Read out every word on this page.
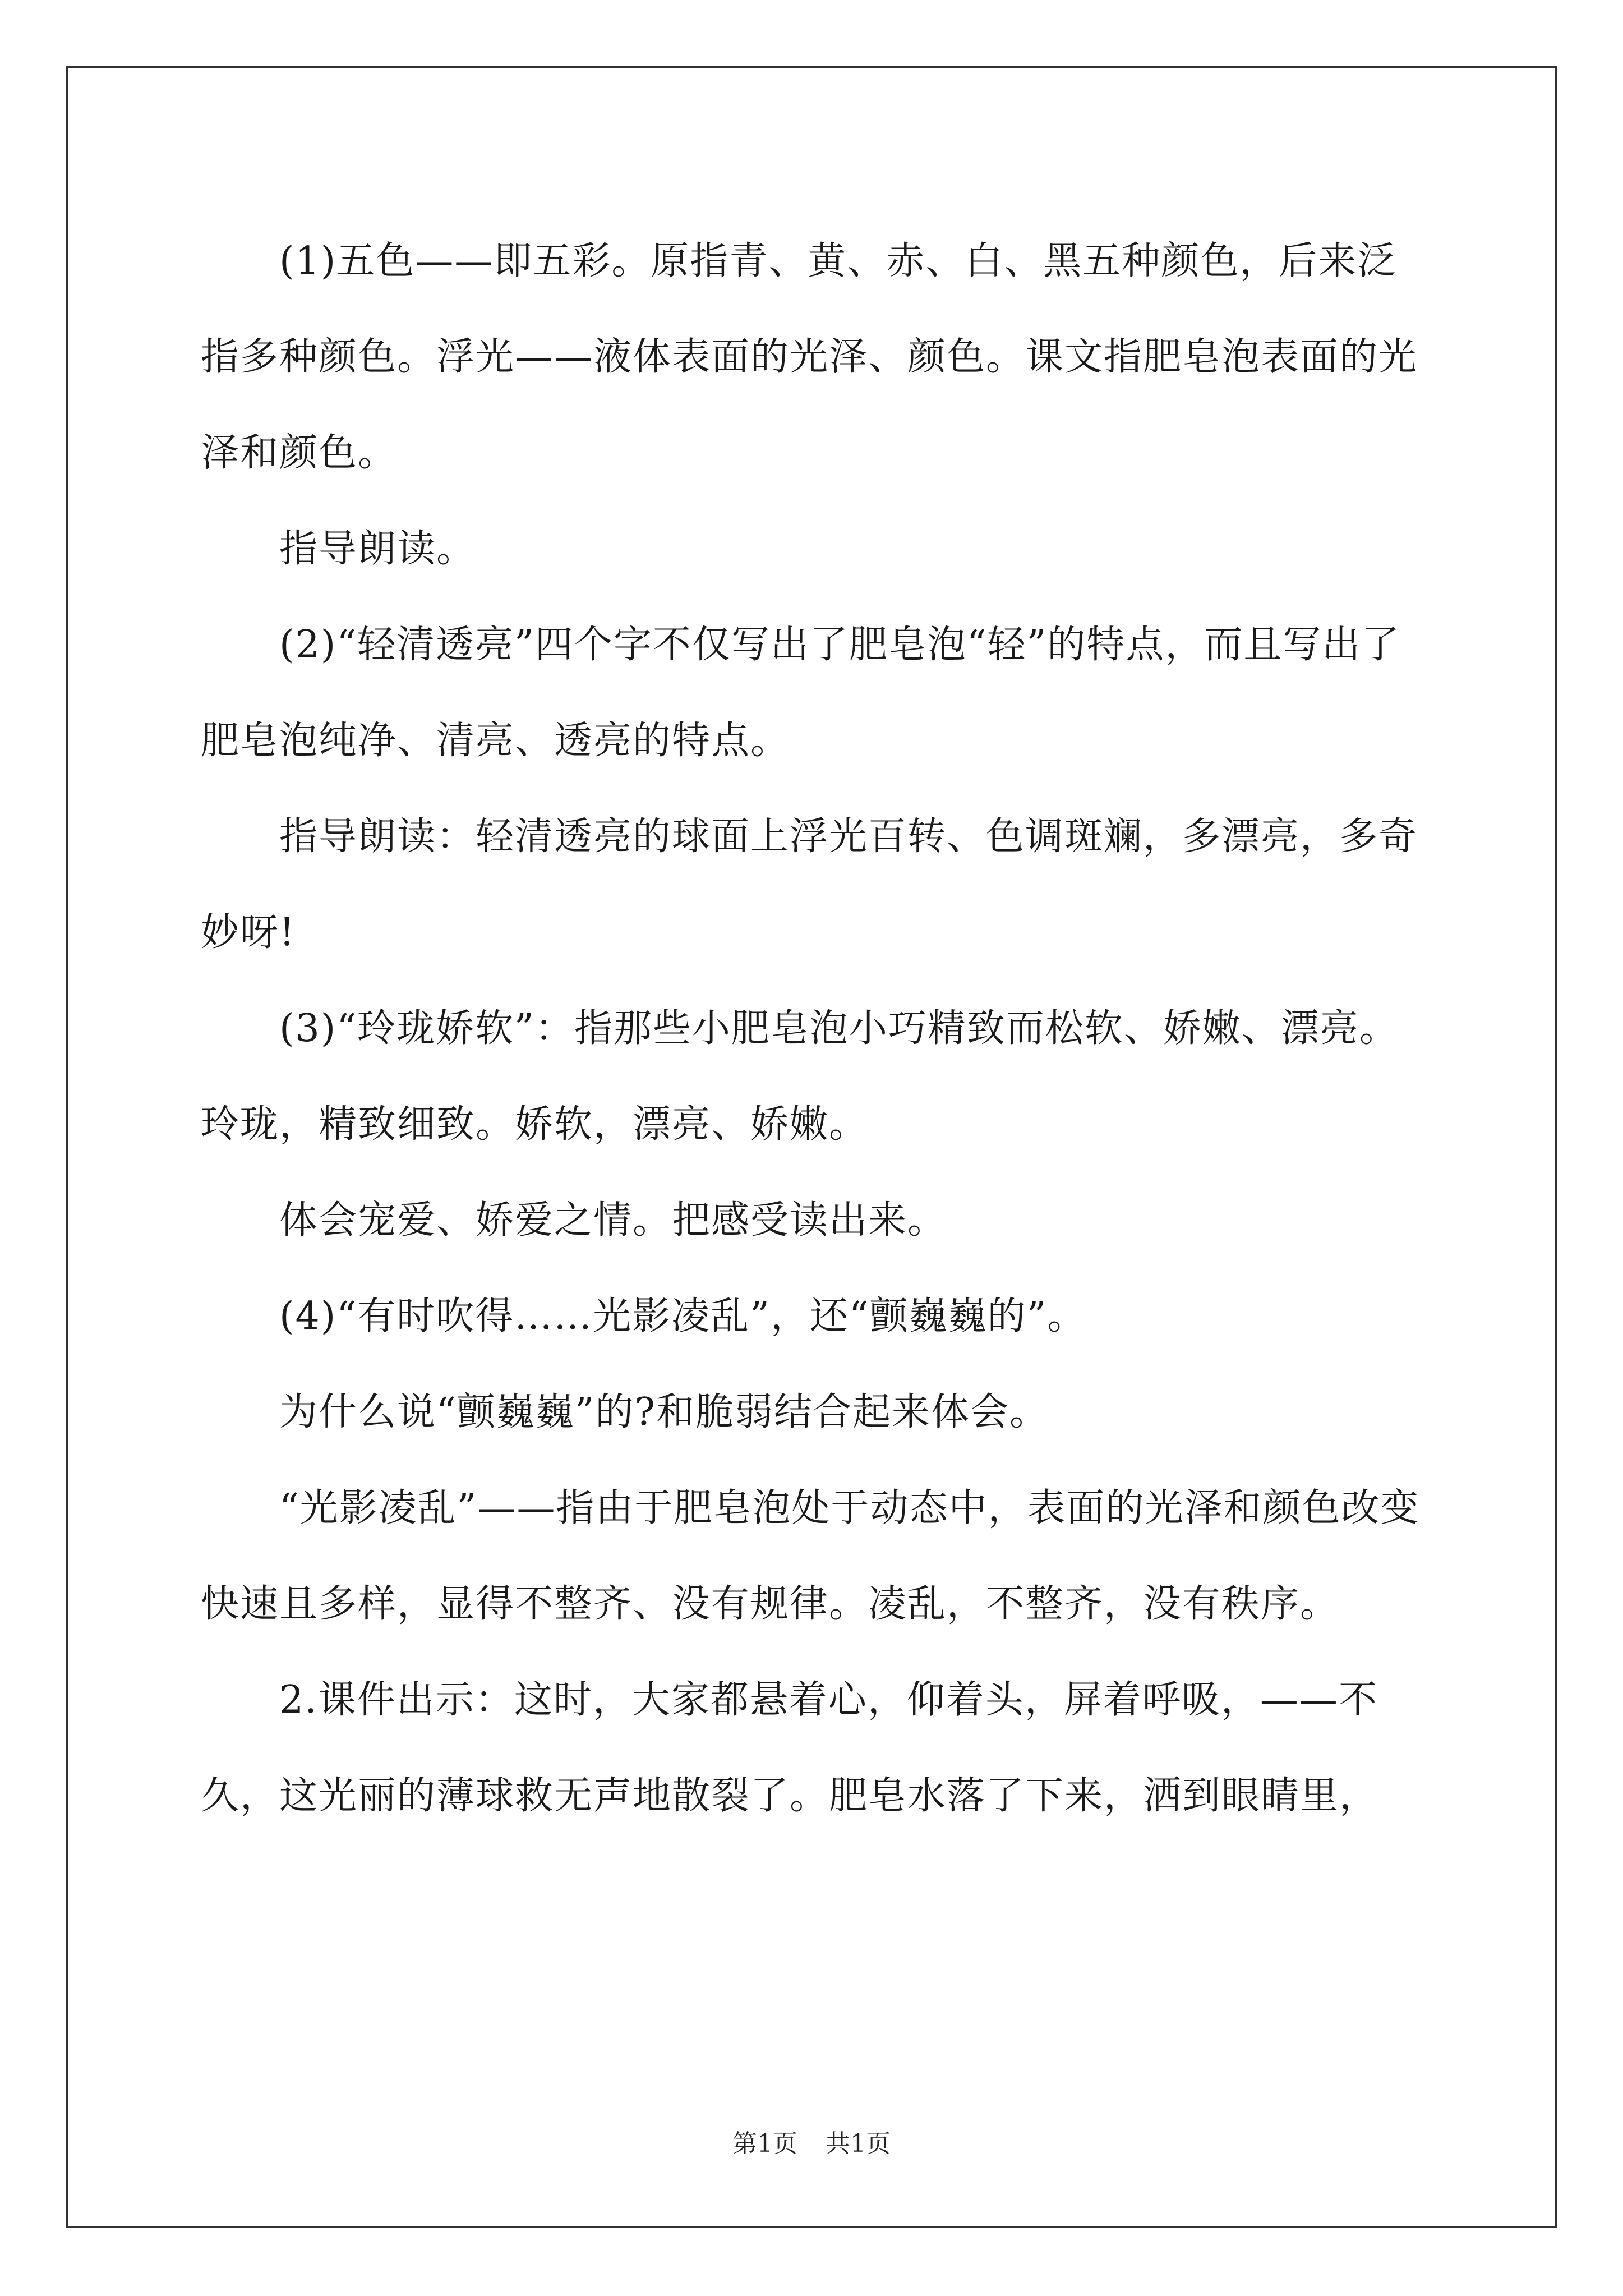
(1)五色——即五彩。原指青、黄、赤、白、黑五种颜色，后来泛指多种颜色。浮光——液体表面的光泽、颜色。课文指肥皂泡表面的光泽和颜色。

指导朗读。

(2)“轻清透亮”四个字不仅写出了肥皂泡“轻”的特点，而且写出了肥皂泡纯净、清亮、透亮的特点。

指导朗读：轻清透亮的球面上浮光百转、色调斑斓，多漂亮，多奇妙呀!

(3)“玲珑娇软”：指那些小肥皂泡小巧精致而松软、娇嫩、漂亮。玲珑，精致细致。娇软，漂亮、娇嫩。

体会宠爱、娇爱之情。把感受读出来。

(4)“有时吹得……光影凌乱”，还“颤巍巍的”。

为什么说“颤巍巍”的?和脆弱结合起来体会。

“光影凌乱”——指由于肥皂泡处于动态中，表面的光泽和颜色改变快速且多样，显得不整齐、没有规律。凌乱，不整齐，没有秩序。

2.课件出示：这时，大家都悬着心，仰着头，屏着呼吸，——不久，这光丽的薄球救无声地散裂了。肥皂水落了下来，洒到眼睛里，

第1页 共1页
